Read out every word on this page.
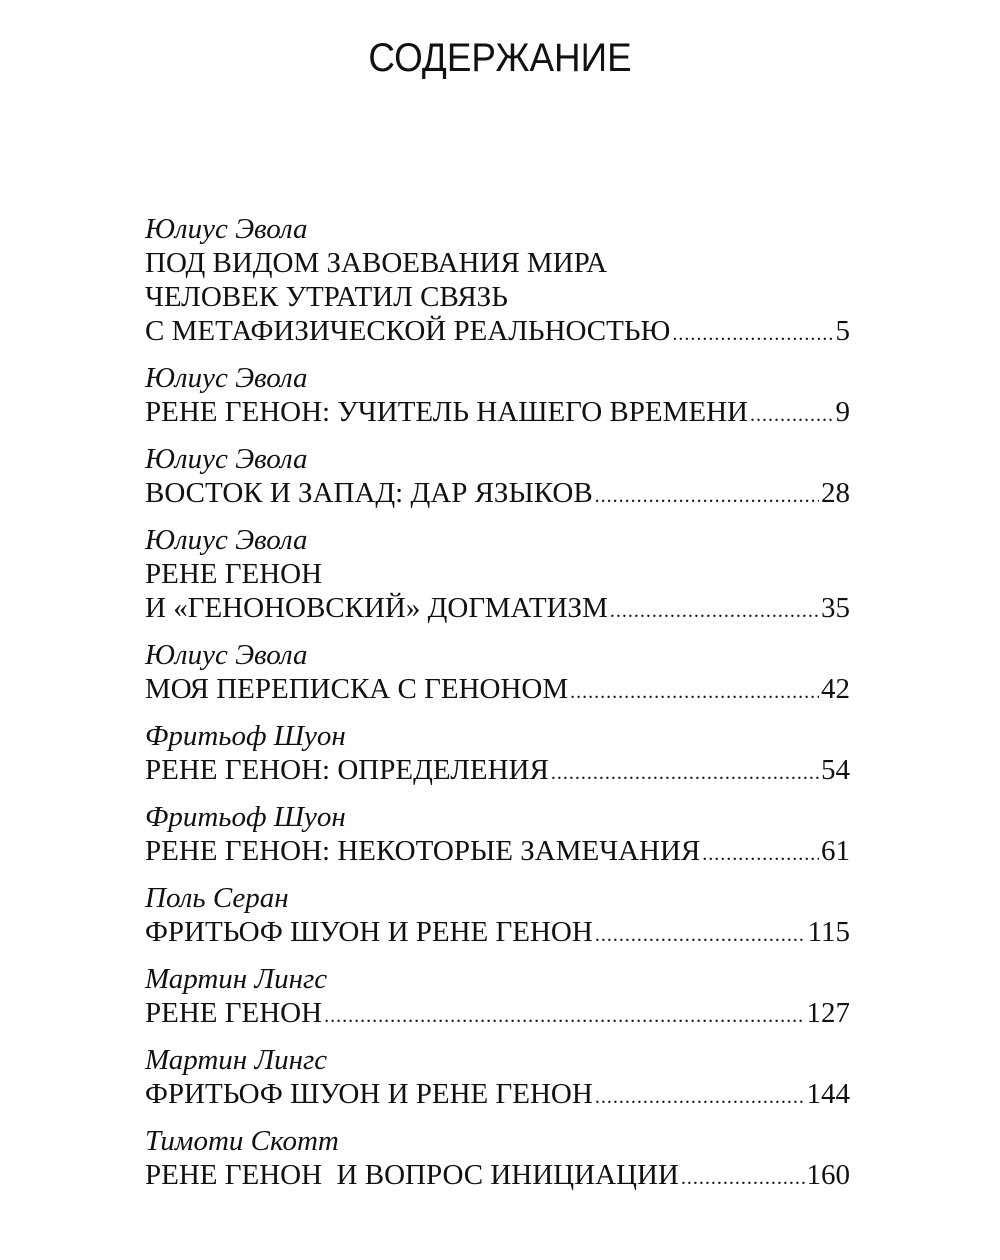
СОДЕРЖАНИЕ
Юлиус Эвола
ПОД ВИДОМ ЗАВОЕВАНИЯ МИРА
ЧЕЛОВЕК УТРАТИЛ СВЯЗЬ
С МЕТАФИЗИЧЕСКОЙ РЕАЛЬНОСТЬЮ .....	5
Юлиус Эвола
РЕНЕ ГЕНОН: УЧИТЕЛЬ НАШЕГО ВРЕМЕНИ .....	9
Юлиус Эвола
ВОСТОК И ЗАПАД: ДАР ЯЗЫКОВ .....	28
Юлиус Эвола
РЕНЕ ГЕНОН
И «ГЕНОНОВСКИЙ» ДОГМАТИЗМ .....	35
Юлиус Эвола
МОЯ ПЕРЕПИСКА С ГЕНОНОМ .....	42
Фритьоф Шуон
РЕНЕ ГЕНОН: ОПРЕДЕЛЕНИЯ .....	54
Фритьоф Шуон
РЕНЕ ГЕНОН: НЕКОТОРЫЕ ЗАМЕЧАНИЯ .....	61
Поль Серан
ФРИТЬОФ ШУОН И РЕНЕ ГЕНОН .....	115
Мартин Лингс
РЕНЕ ГЕНОН .....	127
Мартин Лингс
ФРИТЬОФ ШУОН И РЕНЕ ГЕНОН .....	144
Тимоти Скотт
РЕНЕ ГЕНОН  И ВОПРОС ИНИЦИАЦИИ .....	160
